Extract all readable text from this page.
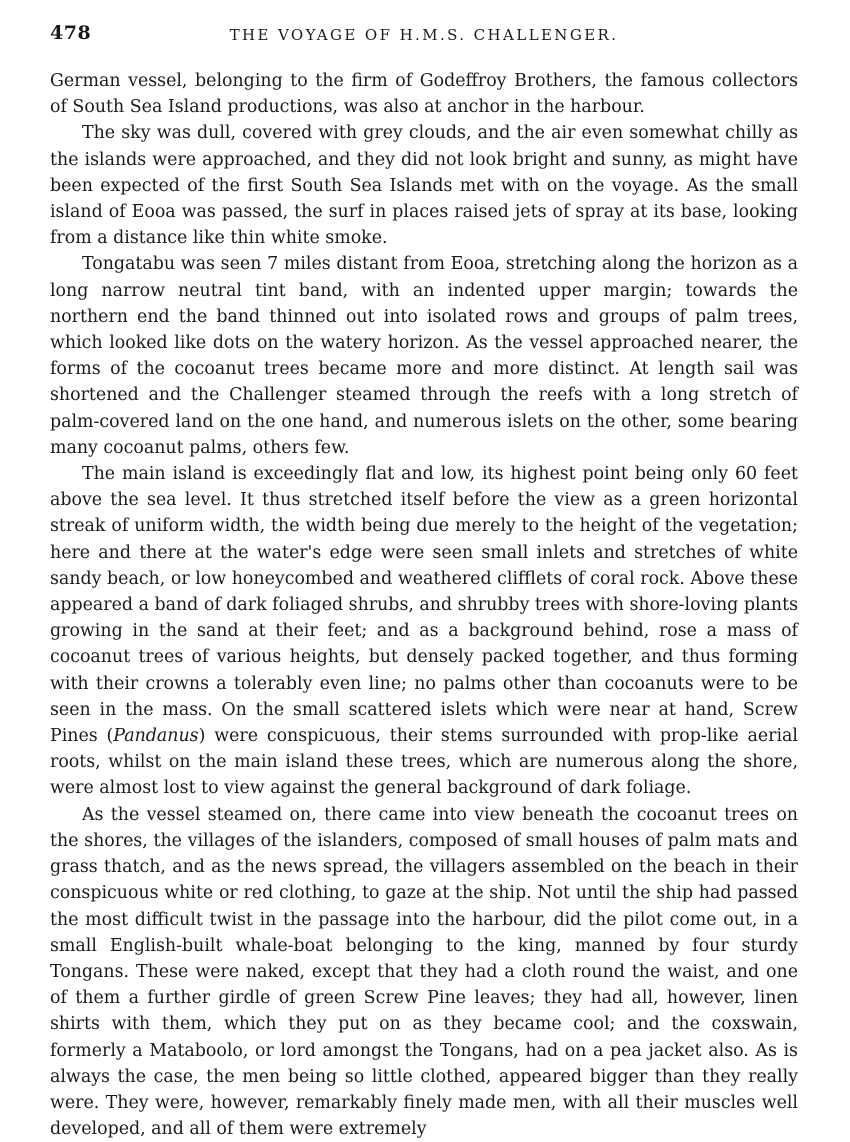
478	THE VOYAGE OF H.M.S. CHALLENGER.

German vessel, belonging to the firm of Godeffroy Brothers, the famous collectors of South Sea Island productions, was also at anchor in the harbour.

The sky was dull, covered with grey clouds, and the air even somewhat chilly as the islands were approached, and they did not look bright and sunny, as might have been expected of the first South Sea Islands met with on the voyage. As the small island of Eooa was passed, the surf in places raised jets of spray at its base, looking from a distance like thin white smoke.

Tongatabu was seen 7 miles distant from Eooa, stretching along the horizon as a long narrow neutral tint band, with an indented upper margin; towards the northern end the band thinned out into isolated rows and groups of palm trees, which looked like dots on the watery horizon. As the vessel approached nearer, the forms of the cocoanut trees became more and more distinct. At length sail was shortened and the Challenger steamed through the reefs with a long stretch of palm-covered land on the one hand, and numerous islets on the other, some bearing many cocoanut palms, others few.

The main island is exceedingly flat and low, its highest point being only 60 feet above the sea level. It thus stretched itself before the view as a green horizontal streak of uniform width, the width being due merely to the height of the vegetation; here and there at the water's edge were seen small inlets and stretches of white sandy beach, or low honeycombed and weathered clifflets of coral rock. Above these appeared a band of dark foliaged shrubs, and shrubby trees with shore-loving plants growing in the sand at their feet; and as a background behind, rose a mass of cocoanut trees of various heights, but densely packed together, and thus forming with their crowns a tolerably even line; no palms other than cocoanuts were to be seen in the mass. On the small scattered islets which were near at hand, Screw Pines (Pandanus) were conspicuous, their stems surrounded with prop-like aerial roots, whilst on the main island these trees, which are numerous along the shore, were almost lost to view against the general background of dark foliage.

As the vessel steamed on, there came into view beneath the cocoanut trees on the shores, the villages of the islanders, composed of small houses of palm mats and grass thatch, and as the news spread, the villagers assembled on the beach in their conspicuous white or red clothing, to gaze at the ship. Not until the ship had passed the most difficult twist in the passage into the harbour, did the pilot come out, in a small English-built whale-boat belonging to the king, manned by four sturdy Tongans. These were naked, except that they had a cloth round the waist, and one of them a further girdle of green Screw Pine leaves; they had all, however, linen shirts with them, which they put on as they became cool; and the coxswain, formerly a Mataboolo, or lord amongst the Tongans, had on a pea jacket also. As is always the case, the men being so little clothed, appeared bigger than they really were. They were, however, remarkably finely made men, with all their muscles well developed, and all of them were extremely
